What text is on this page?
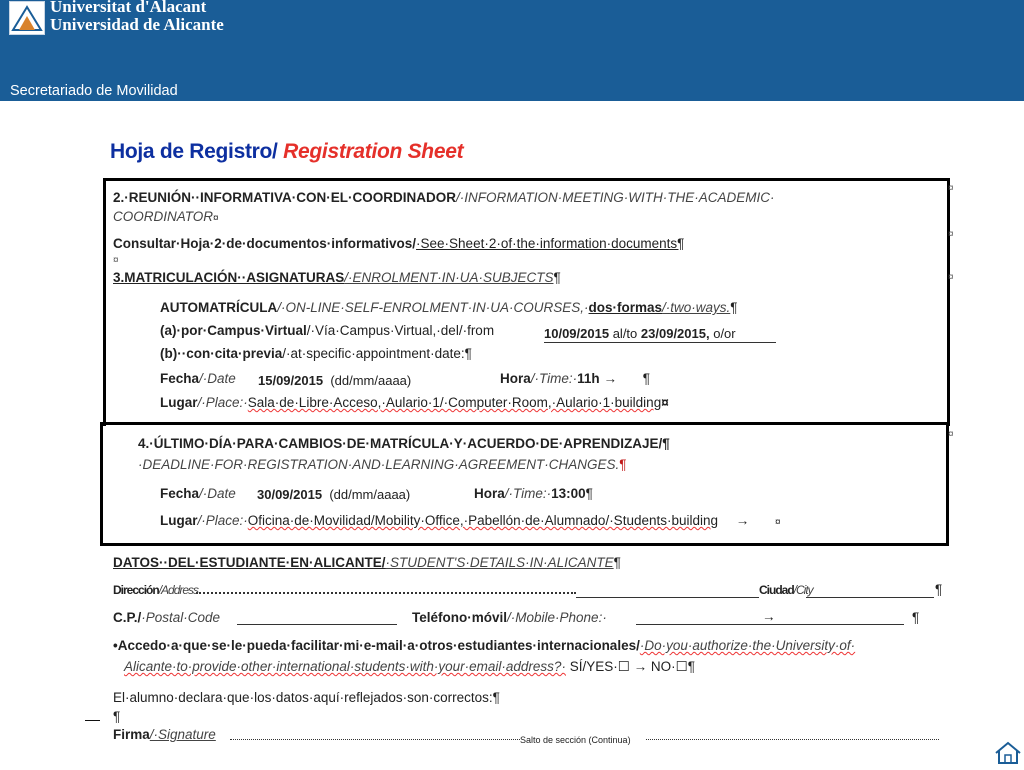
Universitat d'Alacant
Universidad de Alicante
Secretariado de Movilidad
Hoja de Registro/ Registration Sheet
¤
¤
¤
¤
2.·REUNIÓN··INFORMATIVA·CON·EL·COORDINADOR/·INFORMATION·MEETING·WITH·THE·ACADEMIC·
COORDINATOR¤
Consultar·Hoja·2·de·documentos·informativos/·See·Sheet·2·of·the·information·documents¶
¤
3.MATRICULACIÓN··ASIGNATURAS/·ENROLMENT·IN·UA·SUBJECTS¶
AUTOMATRÍCULA/·ON-LINE·SELF-ENROLMENT·IN·UA·COURSES,·dos·formas/·two·ways.¶
(a)·por·Campus·Virtual/·Vía·Campus·Virtual,·del/·from	10/09/2015 al/to 23/09/2015, o/or
(b)··con·cita·previa/·at·specific·appointment·date:¶
Fecha/·Date 15/09/2015 (dd/mm/aaaa)	Hora/·Time:·11h → ¶
Lugar/·Place:·Sala·de·Libre·Acceso,·Aulario·1/·Computer·Room,·Aulario·1·building¤
4.·ÚLTIMO·DÍA·PARA·CAMBIOS·DE·MATRÍCULA·Y·ACUERDO·DE·APRENDIZAJE/¶
·DEADLINE·FOR·REGISTRATION·AND·LEARNING·AGREEMENT·CHANGES.¶
Fecha/·Date 30/09/2015 (dd/mm/aaaa)	Hora/·Time:·13:00¶
Lugar/·Place:·Oficina·de·Movilidad/Mobility·Office,·Pabellón·de·Alumnado/·Students·building →	¤
DATOS··DEL·ESTUDIANTE·EN·ALICANTE/·STUDENT'S·DETAILS·IN·ALICANTE¶
Dirección/Address	Ciudad/City	¶
C.P./·Postal·Code	Teléfono·móvil/·Mobile·Phone:·	→	¶
•Accedo·a·que·se·le·pueda·facilitar·mi·e-mail·a·otros·estudiantes·internacionales/·Do·you·authorize·the·University·of·
Alicante·to·provide·other·international·students·with·your·email·address?· SÍ/YES·☐ → NO·☐¶
El·alumno·declara·que·los·datos·aquí·reflejados·son·correctos:¶
¶
Firma/·Signature	Salto de sección (Continua)
